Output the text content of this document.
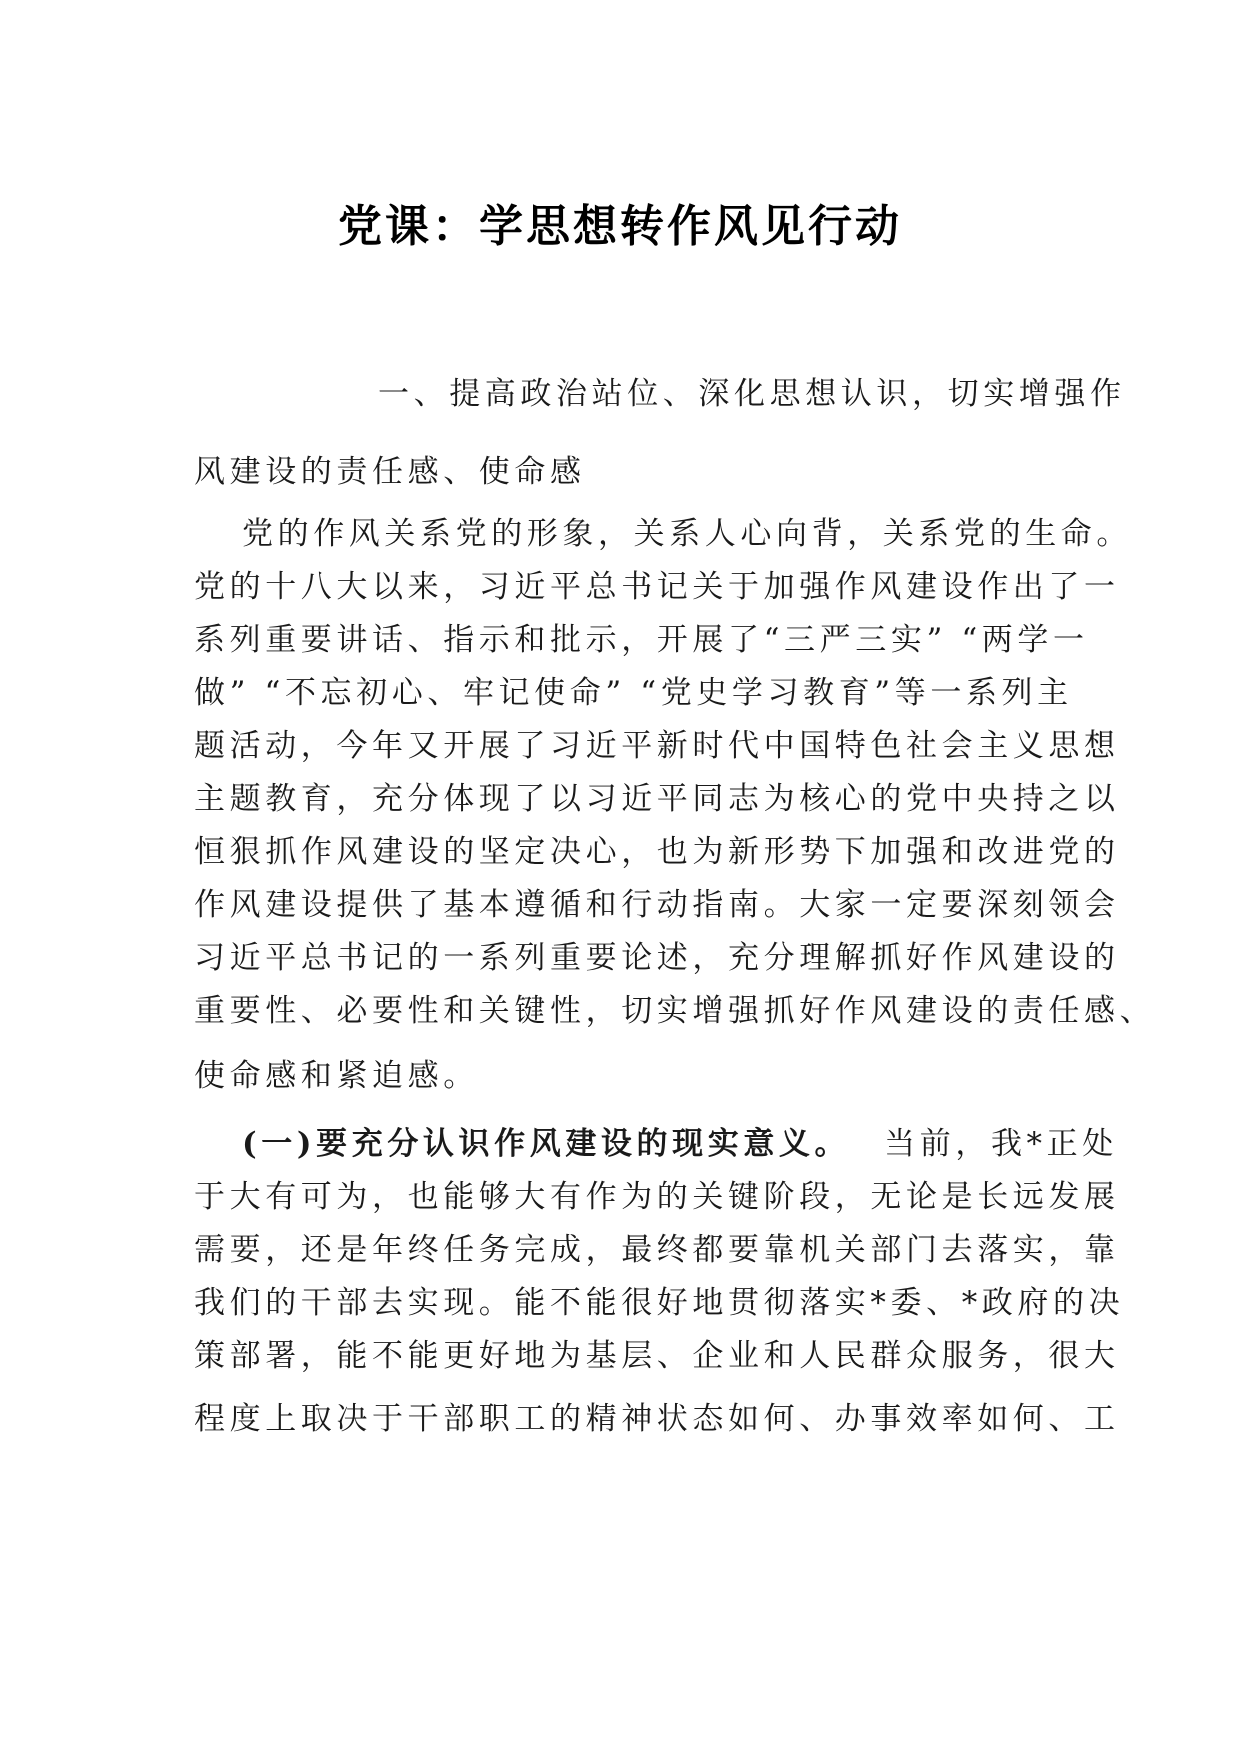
党课：学思想转作风见行动
一、提高政治站位、深化思想认识，切实增强作
风建设的责任感、使命感
党的作风关系党的形象，关系人心向背，关系党的生命。
党的十八大以来，习近平总书记关于加强作风建设作出了一
系列重要讲话、指示和批示，开展了“三严三实” “两学一
做” “不忘初心、牢记使命” “党史学习教育”等一系列主
题活动，今年又开展了习近平新时代中国特色社会主义思想
主题教育，充分体现了以习近平同志为核心的党中央持之以
恒狠抓作风建设的坚定决心，也为新形势下加强和改进党的
作风建设提供了基本遵循和行动指南。大家一定要深刻领会
习近平总书记的一系列重要论述，充分理解抓好作风建设的
重要性、必要性和关键性，切实增强抓好作风建设的责任感、
使命感和紧迫感。
(一)要充分认识作风建设的现实意义。 当前，我*正处
于大有可为，也能够大有作为的关键阶段，无论是长远发展
需要，还是年终任务完成，最终都要靠机关部门去落实，靠
我们的干部去实现。能不能很好地贯彻落实*委、*政府的决
策部署，能不能更好地为基层、企业和人民群众服务，很大
程度上取决于干部职工的精神状态如何、办事效率如何、工
